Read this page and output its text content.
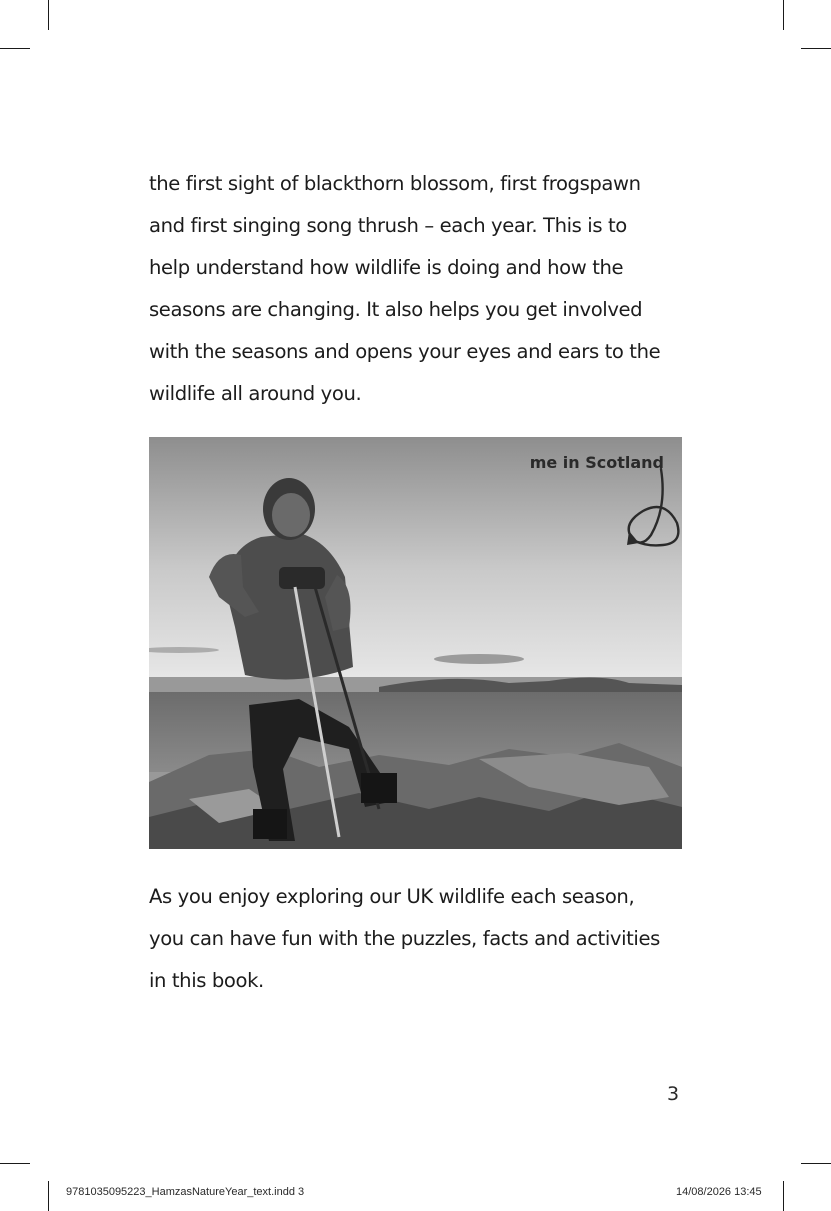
the first sight of blackthorn blossom, first frogspawn
and first singing song thrush – each year. This is to
help understand how wildlife is doing and how the
seasons are changing. It also helps you get involved
with the seasons and opens your eyes and ears to the
wildlife all around you.

me in Scotland

As you enjoy exploring our UK wildlife each season,
you can have fun with the puzzles, facts and activities
in this book.

3
9781035095223_HamzasNatureYear_text.indd 3	14/08/2026 13:45
